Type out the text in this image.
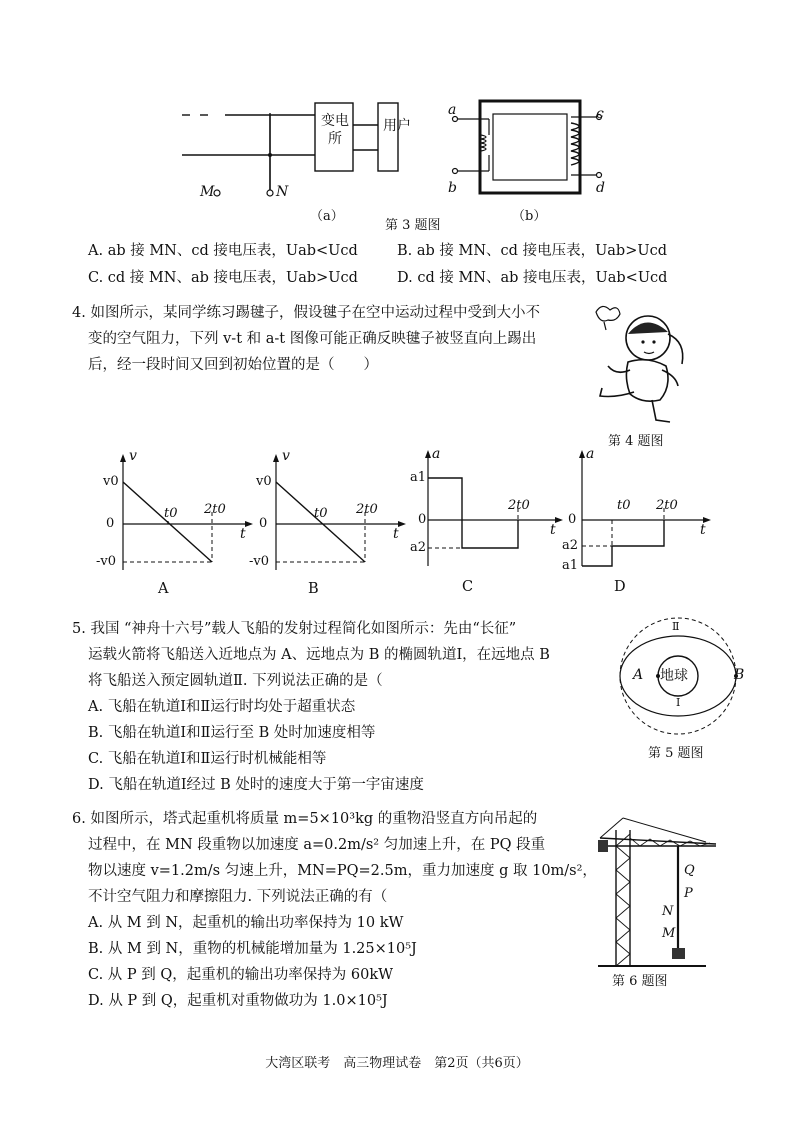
变电所
用户
M	N
（a）
a
b
c
d
（b）
第 3 题图
A. ab 接 MN、cd 接电压表，Uab<Ucd	B. ab 接 MN、cd 接电压表，Uab>Ucd
C. cd 接 MN、ab 接电压表，Uab>Ucd	D. cd 接 MN、ab 接电压表，Uab<Ucd
4. 如图所示，某同学练习踢毽子，假设毽子在空中运动过程中受到大小不
变的空气阻力，下列 v-t 和 a-t 图像可能正确反映毽子被竖直向上踢出
后，经一段时间又回到初始位置的是（　　）
第 4 题图
v
v0
0
-v0
t0 2t0
t
A
v
v0
0
-v0
t0 2t0
t
B
a
a1
0
a2
2t0
t
C
a
0
a2
a1
t0 2t0
t
D
5. 我国 “神舟十六号”载人飞船的发射过程简化如图所示：先由“长征”
运载火箭将飞船送入近地点为 A、远地点为 B 的椭圆轨道Ⅰ，在远地点 B
将飞船送入预定圆轨道Ⅱ. 下列说法正确的是（
A. 飞船在轨道Ⅰ和Ⅱ运行时均处于超重状态
B. 飞船在轨道Ⅰ和Ⅱ运行至 B 处时加速度相等
C. 飞船在轨道Ⅰ和Ⅱ运行时机械能相等
D. 飞船在轨道Ⅰ经过 B 处时的速度大于第一宇宙速度
地球
A	B
Ⅱ
Ⅰ
第 5 题图
6. 如图所示，塔式起重机将质量 m=5×10³kg 的重物沿竖直方向吊起的
过程中，在 MN 段重物以加速度 a=0.2m/s² 匀加速上升，在 PQ 段重
物以速度 v=1.2m/s 匀速上升，MN=PQ=2.5m，重力加速度 g 取 10m/s²，
不计空气阻力和摩擦阻力. 下列说法正确的有（
A. 从 M 到 N，起重机的输出功率保持为 10 kW
B. 从 M 到 N，重物的机械能增加量为 1.25×10⁵J
C. 从 P 到 Q，起重机的输出功率保持为 60kW
D. 从 P 到 Q，起重机对重物做功为 1.0×10⁵J
Q
P
N
M
第 6 题图
大湾区联考　高三物理试卷　第2页（共6页）
